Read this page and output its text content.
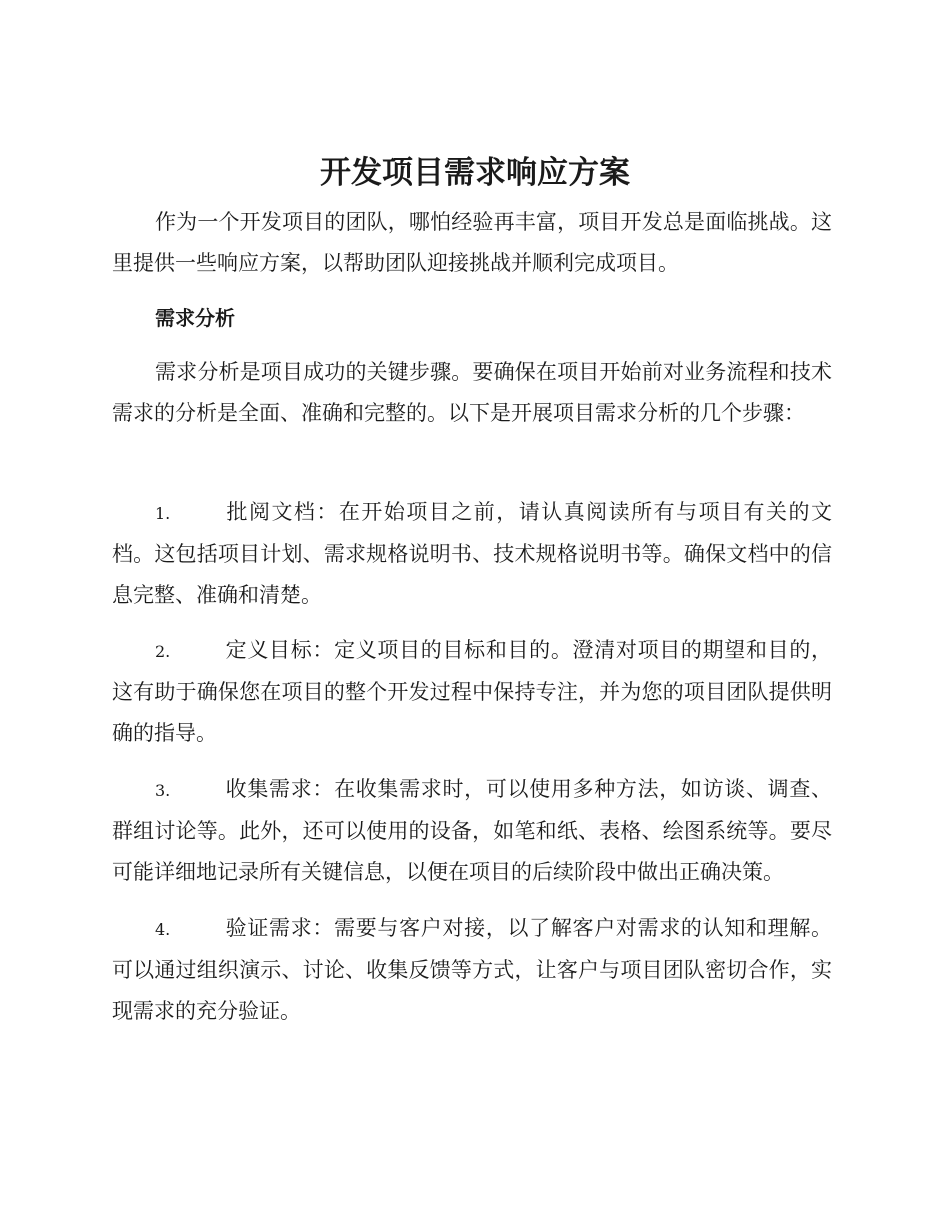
开发项目需求响应方案

作为一个开发项目的团队，哪怕经验再丰富，项目开发总是面临挑战。这里提供一些响应方案，以帮助团队迎接挑战并顺利完成项目。

需求分析

需求分析是项目成功的关键步骤。要确保在项目开始前对业务流程和技术需求的分析是全面、准确和完整的。以下是开展项目需求分析的几个步骤：

1.	批阅文档：在开始项目之前，请认真阅读所有与项目有关的文档。这包括项目计划、需求规格说明书、技术规格说明书等。确保文档中的信息完整、准确和清楚。

2.	定义目标：定义项目的目标和目的。澄清对项目的期望和目的，这有助于确保您在项目的整个开发过程中保持专注，并为您的项目团队提供明确的指导。

3.	收集需求：在收集需求时，可以使用多种方法，如访谈、调查、群组讨论等。此外，还可以使用的设备，如笔和纸、表格、绘图系统等。要尽可能详细地记录所有关键信息，以便在项目的后续阶段中做出正确决策。

4.	验证需求：需要与客户对接，以了解客户对需求的认知和理解。可以通过组织演示、讨论、收集反馈等方式，让客户与项目团队密切合作，实现需求的充分验证。
